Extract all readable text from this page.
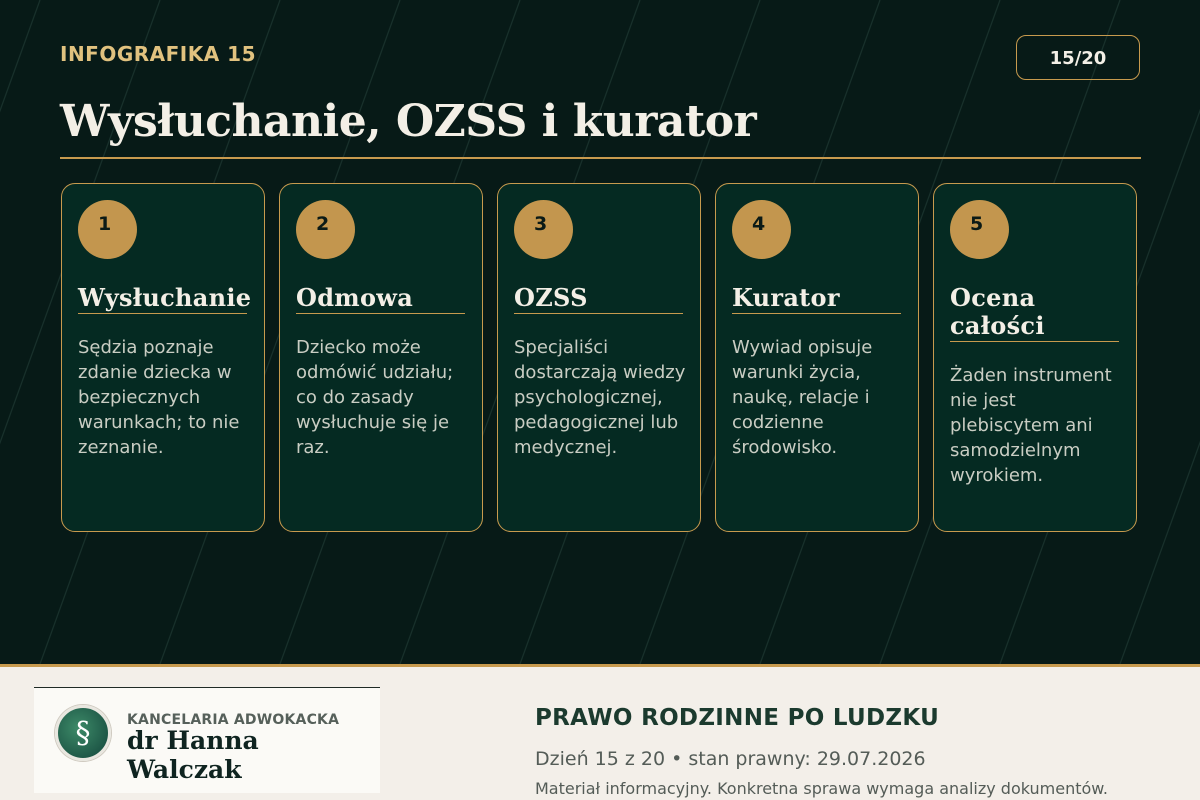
INFOGRAFIKA 15	15/20
Wysłuchanie, OZSS i kurator
1
Wysłuchanie
Sędzia poznaje zdanie dziecka w bezpiecznych warunkach; to nie zeznanie.
2
Odmowa
Dziecko może odmówić udziału; co do zasady wysłuchuje się je raz.
3
OZSS
Specjaliści dostarczają wiedzy psychologicznej, pedagogicznej lub medycznej.
4
Kurator
Wywiad opisuje warunki życia, naukę, relacje i codzienne środowisko.
5
Ocena całości
Żaden instrument nie jest plebiscytem ani samodzielnym wyrokiem.
§	KANCELARIA ADWOKACKA
dr Hanna Walczak
PRAWO RODZINNE PO LUDZKU
Dzień 15 z 20 • stan prawny: 29.07.2026
Materiał informacyjny. Konkretna sprawa wymaga analizy dokumentów.
